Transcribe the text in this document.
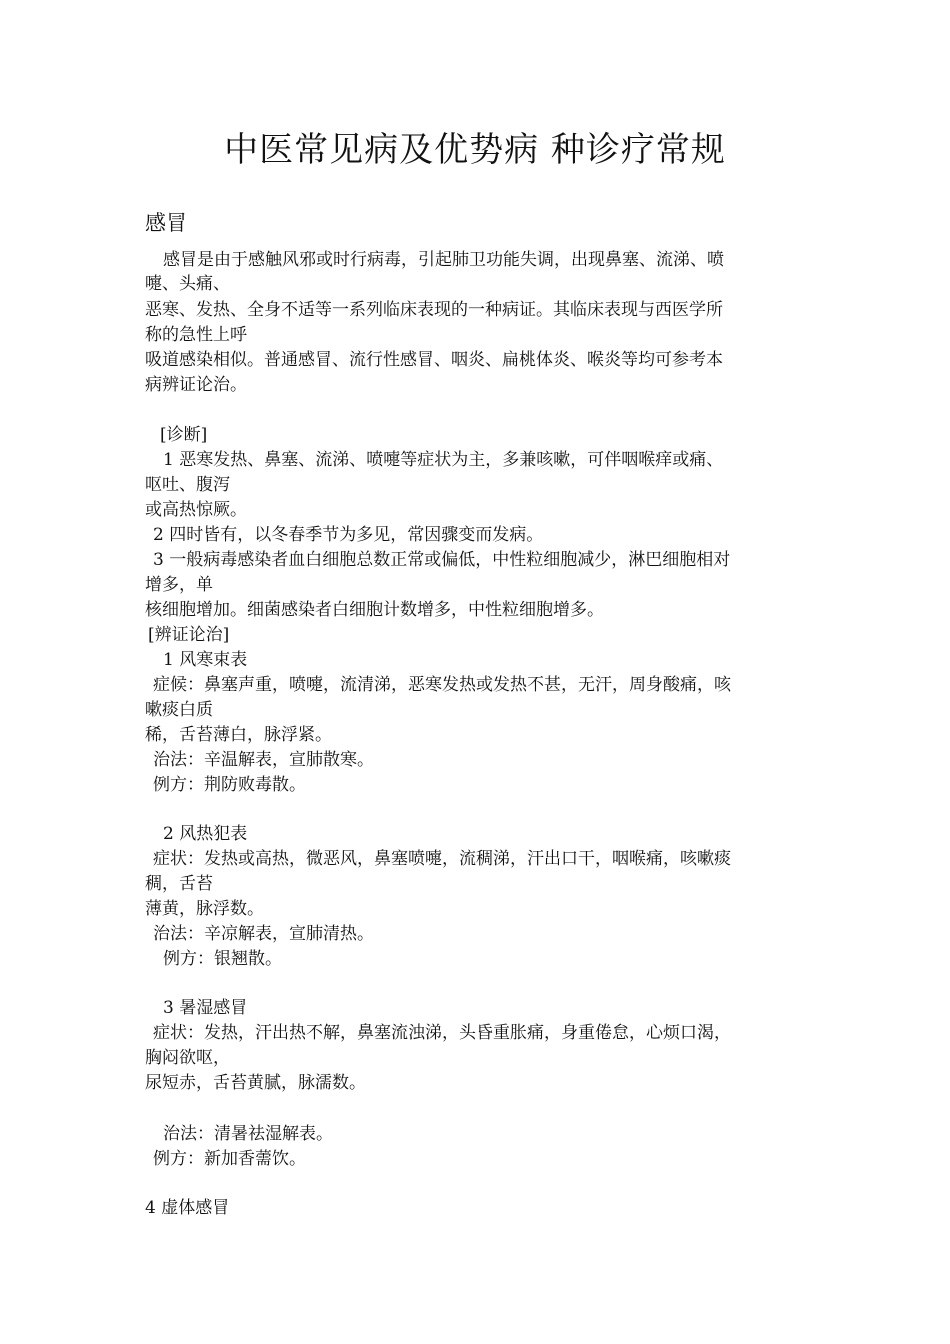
中医常见病及优势病 种诊疗常规
感冒
感冒是由于感触风邪或时行病毒，引起肺卫功能失调，出现鼻塞、流涕、喷
嚏、头痛、
恶寒、发热、全身不适等一系列临床表现的一种病证。其临床表现与西医学所
称的急性上呼
吸道感染相似。普通感冒、流行性感冒、咽炎、扁桃体炎、喉炎等均可参考本
病辨证论治。
[诊断]
1 恶寒发热、鼻塞、流涕、喷嚏等症状为主，多兼咳嗽，可伴咽喉痒或痛、
呕吐、腹泻
或高热惊厥。
2 四时皆有，以冬春季节为多见，常因骤变而发病。
3 一般病毒感染者血白细胞总数正常或偏低，中性粒细胞减少，淋巴细胞相对
增多，单
核细胞增加。细菌感染者白细胞计数增多，中性粒细胞增多。
[辨证论治]
1 风寒束表
症候：鼻塞声重，喷嚏，流清涕，恶寒发热或发热不甚，无汗，周身酸痛，咳
嗽痰白质
稀，舌苔薄白，脉浮紧。
治法：辛温解表，宣肺散寒。
例方：荆防败毒散。
2 风热犯表
症状：发热或高热，微恶风，鼻塞喷嚏，流稠涕，汗出口干，咽喉痛，咳嗽痰
稠，舌苔
薄黄，脉浮数。
治法：辛凉解表，宣肺清热。
例方：银翘散。
3 暑湿感冒
症状：发热，汗出热不解，鼻塞流浊涕，头昏重胀痛，身重倦怠，心烦口渴，
胸闷欲呕，
尿短赤，舌苔黄腻，脉濡数。
治法：清暑祛湿解表。
例方：新加香薷饮。
4 虚体感冒
